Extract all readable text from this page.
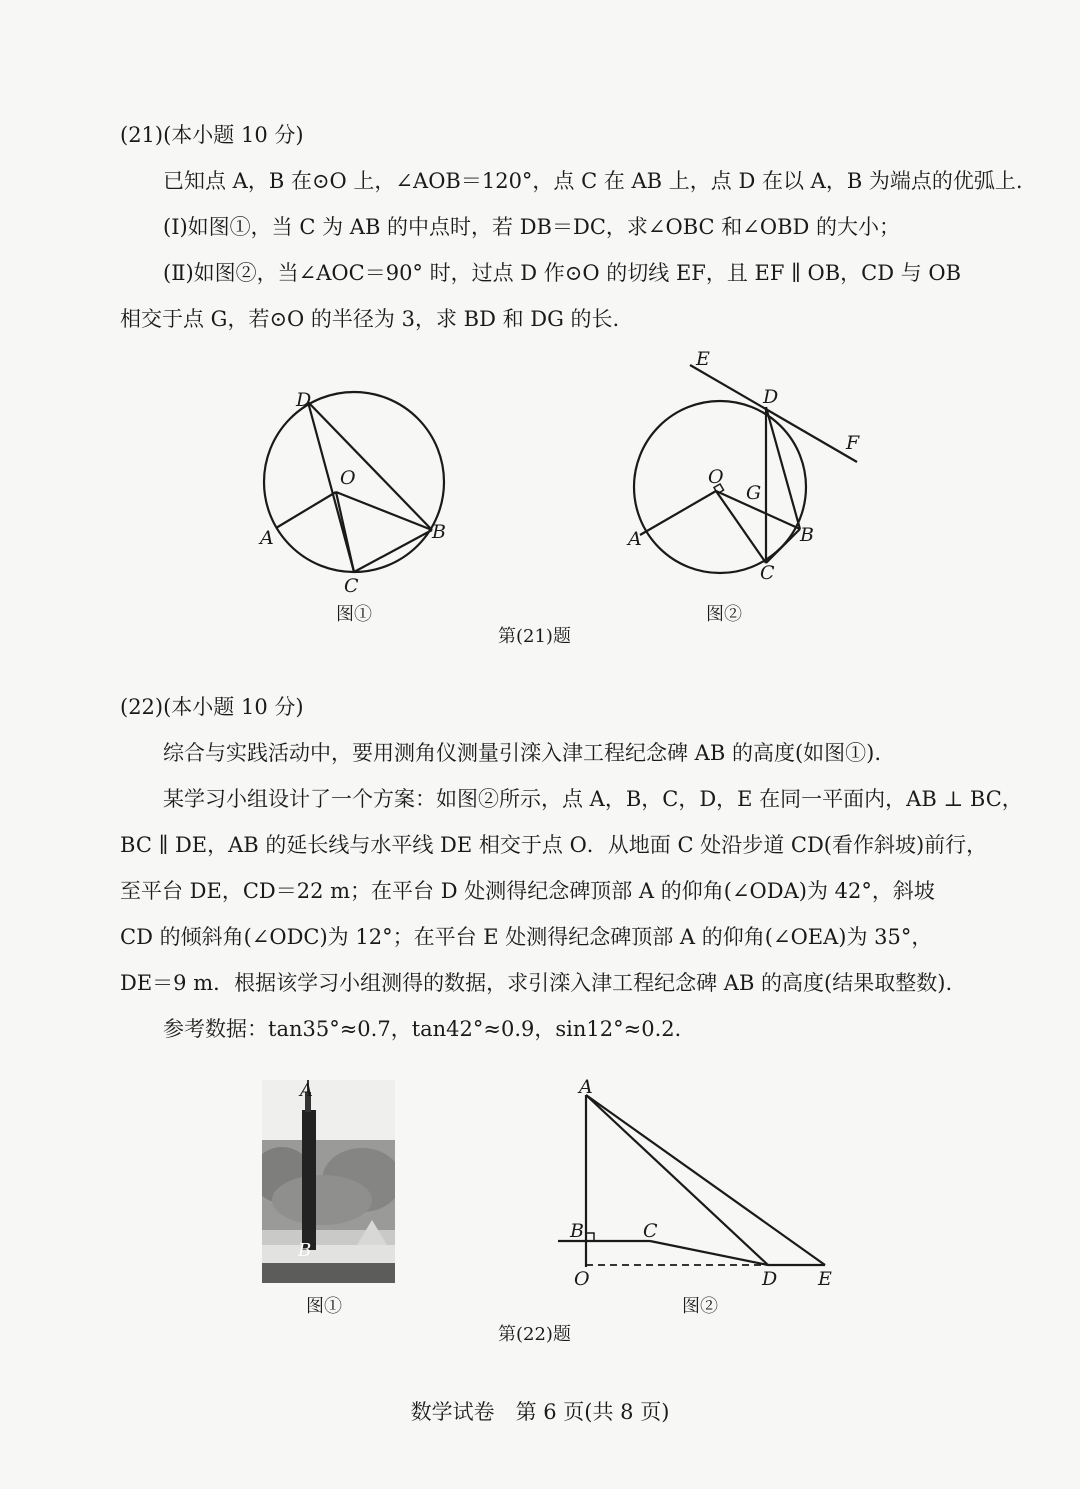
(21)(本小题 10 分)
已知点 A，B 在⊙O 上，∠AOB＝120°，点 C 在 AB 上，点 D 在以 A，B 为端点的优弧上.
(Ⅰ)如图①，当 C 为 AB 的中点时，若 DB＝DC，求∠OBC 和∠OBD 的大小；
(Ⅱ)如图②，当∠AOC＝90° 时，过点 D 作⊙O 的切线 EF，且 EF ∥ OB，CD 与 OB
相交于点 G，若⊙O 的半径为 3，求 BD 和 DG 的长.
D
O
A	B
C
图①
E
D
F
O
G
A	B
C
图②
第(21)题
(22)(本小题 10 分)
综合与实践活动中，要用测角仪测量引滦入津工程纪念碑 AB 的高度(如图①).
某学习小组设计了一个方案：如图②所示，点 A，B，C，D，E 在同一平面内，AB ⊥ BC，
BC ∥ DE，AB 的延长线与水平线 DE 相交于点 O．从地面 C 处沿步道 CD(看作斜坡)前行，
至平台 DE，CD＝22 m；在平台 D 处测得纪念碑顶部 A 的仰角(∠ODA)为 42°，斜坡
CD 的倾斜角(∠ODC)为 12°；在平台 E 处测得纪念碑顶部 A 的仰角(∠OEA)为 35°，
DE＝9 m．根据该学习小组测得的数据，求引滦入津工程纪念碑 AB 的高度(结果取整数).
参考数据：tan35°≈0.7，tan42°≈0.9，sin12°≈0.2．
A
B
图①
A
B	C
O	D E
图②
第(22)题
数学试卷　第 6 页(共 8 页)
